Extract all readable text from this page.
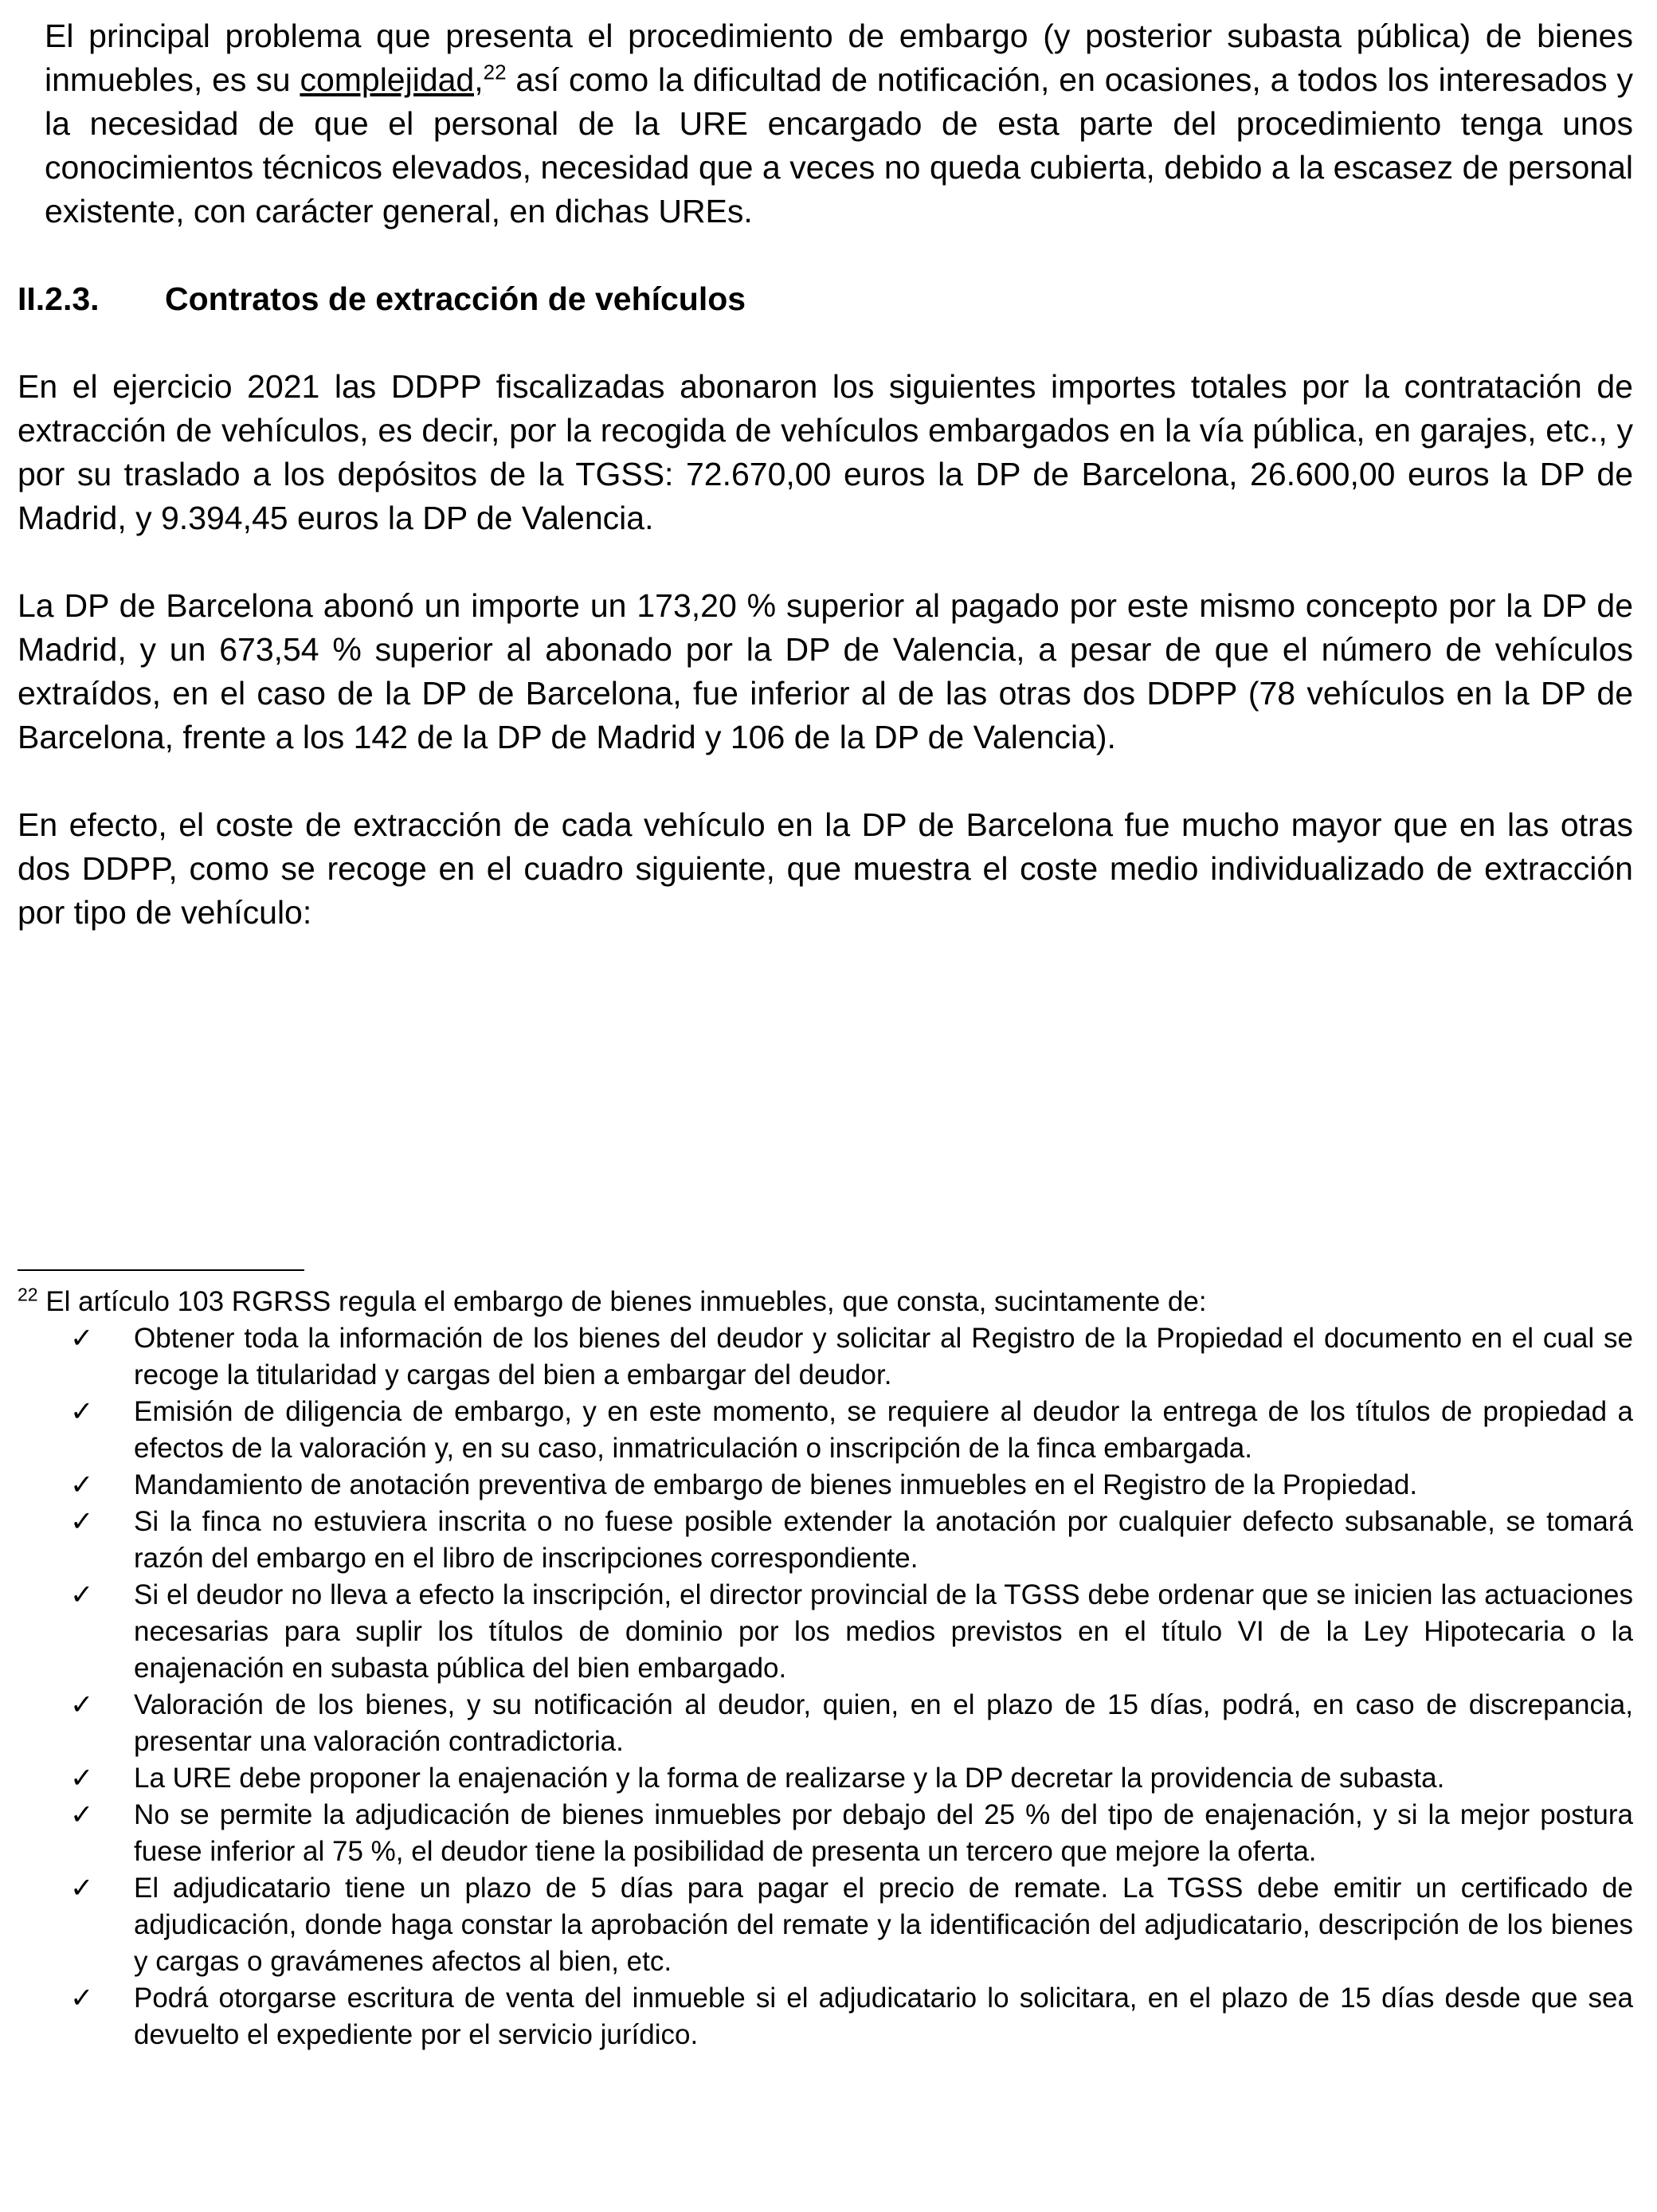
El principal problema que presenta el procedimiento de embargo (y posterior subasta pública) de bienes inmuebles, es su complejidad,$^{22}$ así como la dificultad de notificación, en ocasiones, a todos los interesados y la necesidad de que el personal de la URE encargado de esta parte del procedimiento tenga unos conocimientos técnicos elevados, necesidad que a veces no queda cubierta, debido a la escasez de personal existente, con carácter general, en dichas UREs.

II.2.3. Contratos de extracción de vehículos

En el ejercicio 2021 las DDPP fiscalizadas abonaron los siguientes importes totales por la contratación de extracción de vehículos, es decir, por la recogida de vehículos embargados en la vía pública, en garajes, etc., y por su traslado a los depósitos de la TGSS: 72.670,00 euros la DP de Barcelona, 26.600,00 euros la DP de Madrid, y 9.394,45 euros la DP de Valencia.

La DP de Barcelona abonó un importe un 173,20 % superior al pagado por este mismo concepto por la DP de Madrid, y un 673,54 % superior al abonado por la DP de Valencia, a pesar de que el número de vehículos extraídos, en el caso de la DP de Barcelona, fue inferior al de las otras dos DDPP (78 vehículos en la DP de Barcelona, frente a los 142 de la DP de Madrid y 106 de la DP de Valencia).

En efecto, el coste de extracción de cada vehículo en la DP de Barcelona fue mucho mayor que en las otras dos DDPP, como se recoge en el cuadro siguiente, que muestra el coste medio individualizado de extracción por tipo de vehículo:

$^{22}$ El artículo 103 RGRSS regula el embargo de bienes inmuebles, que consta, sucintamente de:

✓ Obtener toda la información de los bienes del deudor y solicitar al Registro de la Propiedad el documento en el cual se recoge la titularidad y cargas del bien a embargar del deudor.
✓ Emisión de diligencia de embargo, y en este momento, se requiere al deudor la entrega de los títulos de propiedad a efectos de la valoración y, en su caso, inmatriculación o inscripción de la finca embargada.
✓ Mandamiento de anotación preventiva de embargo de bienes inmuebles en el Registro de la Propiedad.
✓ Si la finca no estuviera inscrita o no fuese posible extender la anotación por cualquier defecto subsanable, se tomará razón del embargo en el libro de inscripciones correspondiente.
✓ Si el deudor no lleva a efecto la inscripción, el director provincial de la TGSS debe ordenar que se inicien las actuaciones necesarias para suplir los títulos de dominio por los medios previstos en el título VI de la Ley Hipotecaria o la enajenación en subasta pública del bien embargado.
✓ Valoración de los bienes, y su notificación al deudor, quien, en el plazo de 15 días, podrá, en caso de discrepancia, presentar una valoración contradictoria.
✓ La URE debe proponer la enajenación y la forma de realizarse y la DP decretar la providencia de subasta.
✓ No se permite la adjudicación de bienes inmuebles por debajo del 25 % del tipo de enajenación, y si la mejor postura fuese inferior al 75 %, el deudor tiene la posibilidad de presenta un tercero que mejore la oferta.
✓ El adjudicatario tiene un plazo de 5 días para pagar el precio de remate. La TGSS debe emitir un certificado de adjudicación, donde haga constar la aprobación del remate y la identificación del adjudicatario, descripción de los bienes y cargas o gravámenes afectos al bien, etc.
✓ Podrá otorgarse escritura de venta del inmueble si el adjudicatario lo solicitara, en el plazo de 15 días desde que sea devuelto el expediente por el servicio jurídico.
